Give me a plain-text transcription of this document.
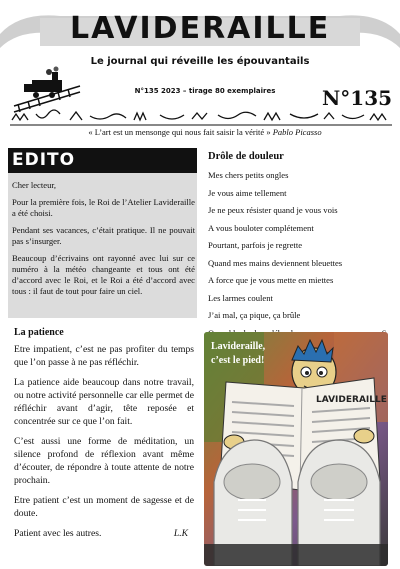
LAVIDERAILLE
Le journal qui réveille les épouvantails
N°135 2023 – tirage 80 exemplaires	N°135
« L’art est un mensonge qui nous fait saisir la vérité » Pablo Picasso
EDITO

Cher lecteur,

Pour la première fois, le Roi de l’Atelier Lavideraille a été choisi.

Pendant ses vacances, c’était pratique. Il ne pouvait pas s’insurger.

Beaucoup d’écrivains ont rayonné avec lui sur ce numéro à la météo changeante et tous ont été d’accord avec le Roi, et le Roi a été d’accord avec tous : il faut de tout pour faire un ciel.

La patience

Etre impatient, c’est ne pas profiter du temps que l’on passe à ne pas réfléchir.

La patience aide beaucoup dans notre travail, ou notre activité personnelle car elle permet de réfléchir avant d’agir, tête reposée et concentrée sur ce que l’on fait.

C’est aussi une forme de méditation, un silence profond de réflexion avant même d’écouter, de répondre à toute attente de notre prochain.

Etre patient c’est un moment de sagesse et de doute.

Patient avec les autres.	L.K
Drôle de douleur
Mes chers petits ongles
Je vous aime tellement
Je ne peux résister quand je vous vois
A vous bouloter complétement
Pourtant, parfois je regrette
Quand mes mains deviennent bleuettes
A force que je vous mette en miettes
Les larmes coulent
J’ai mal, ça pique, ça brûle
LAVIDERAILLE
Lavideraille,
c’est le pied!
